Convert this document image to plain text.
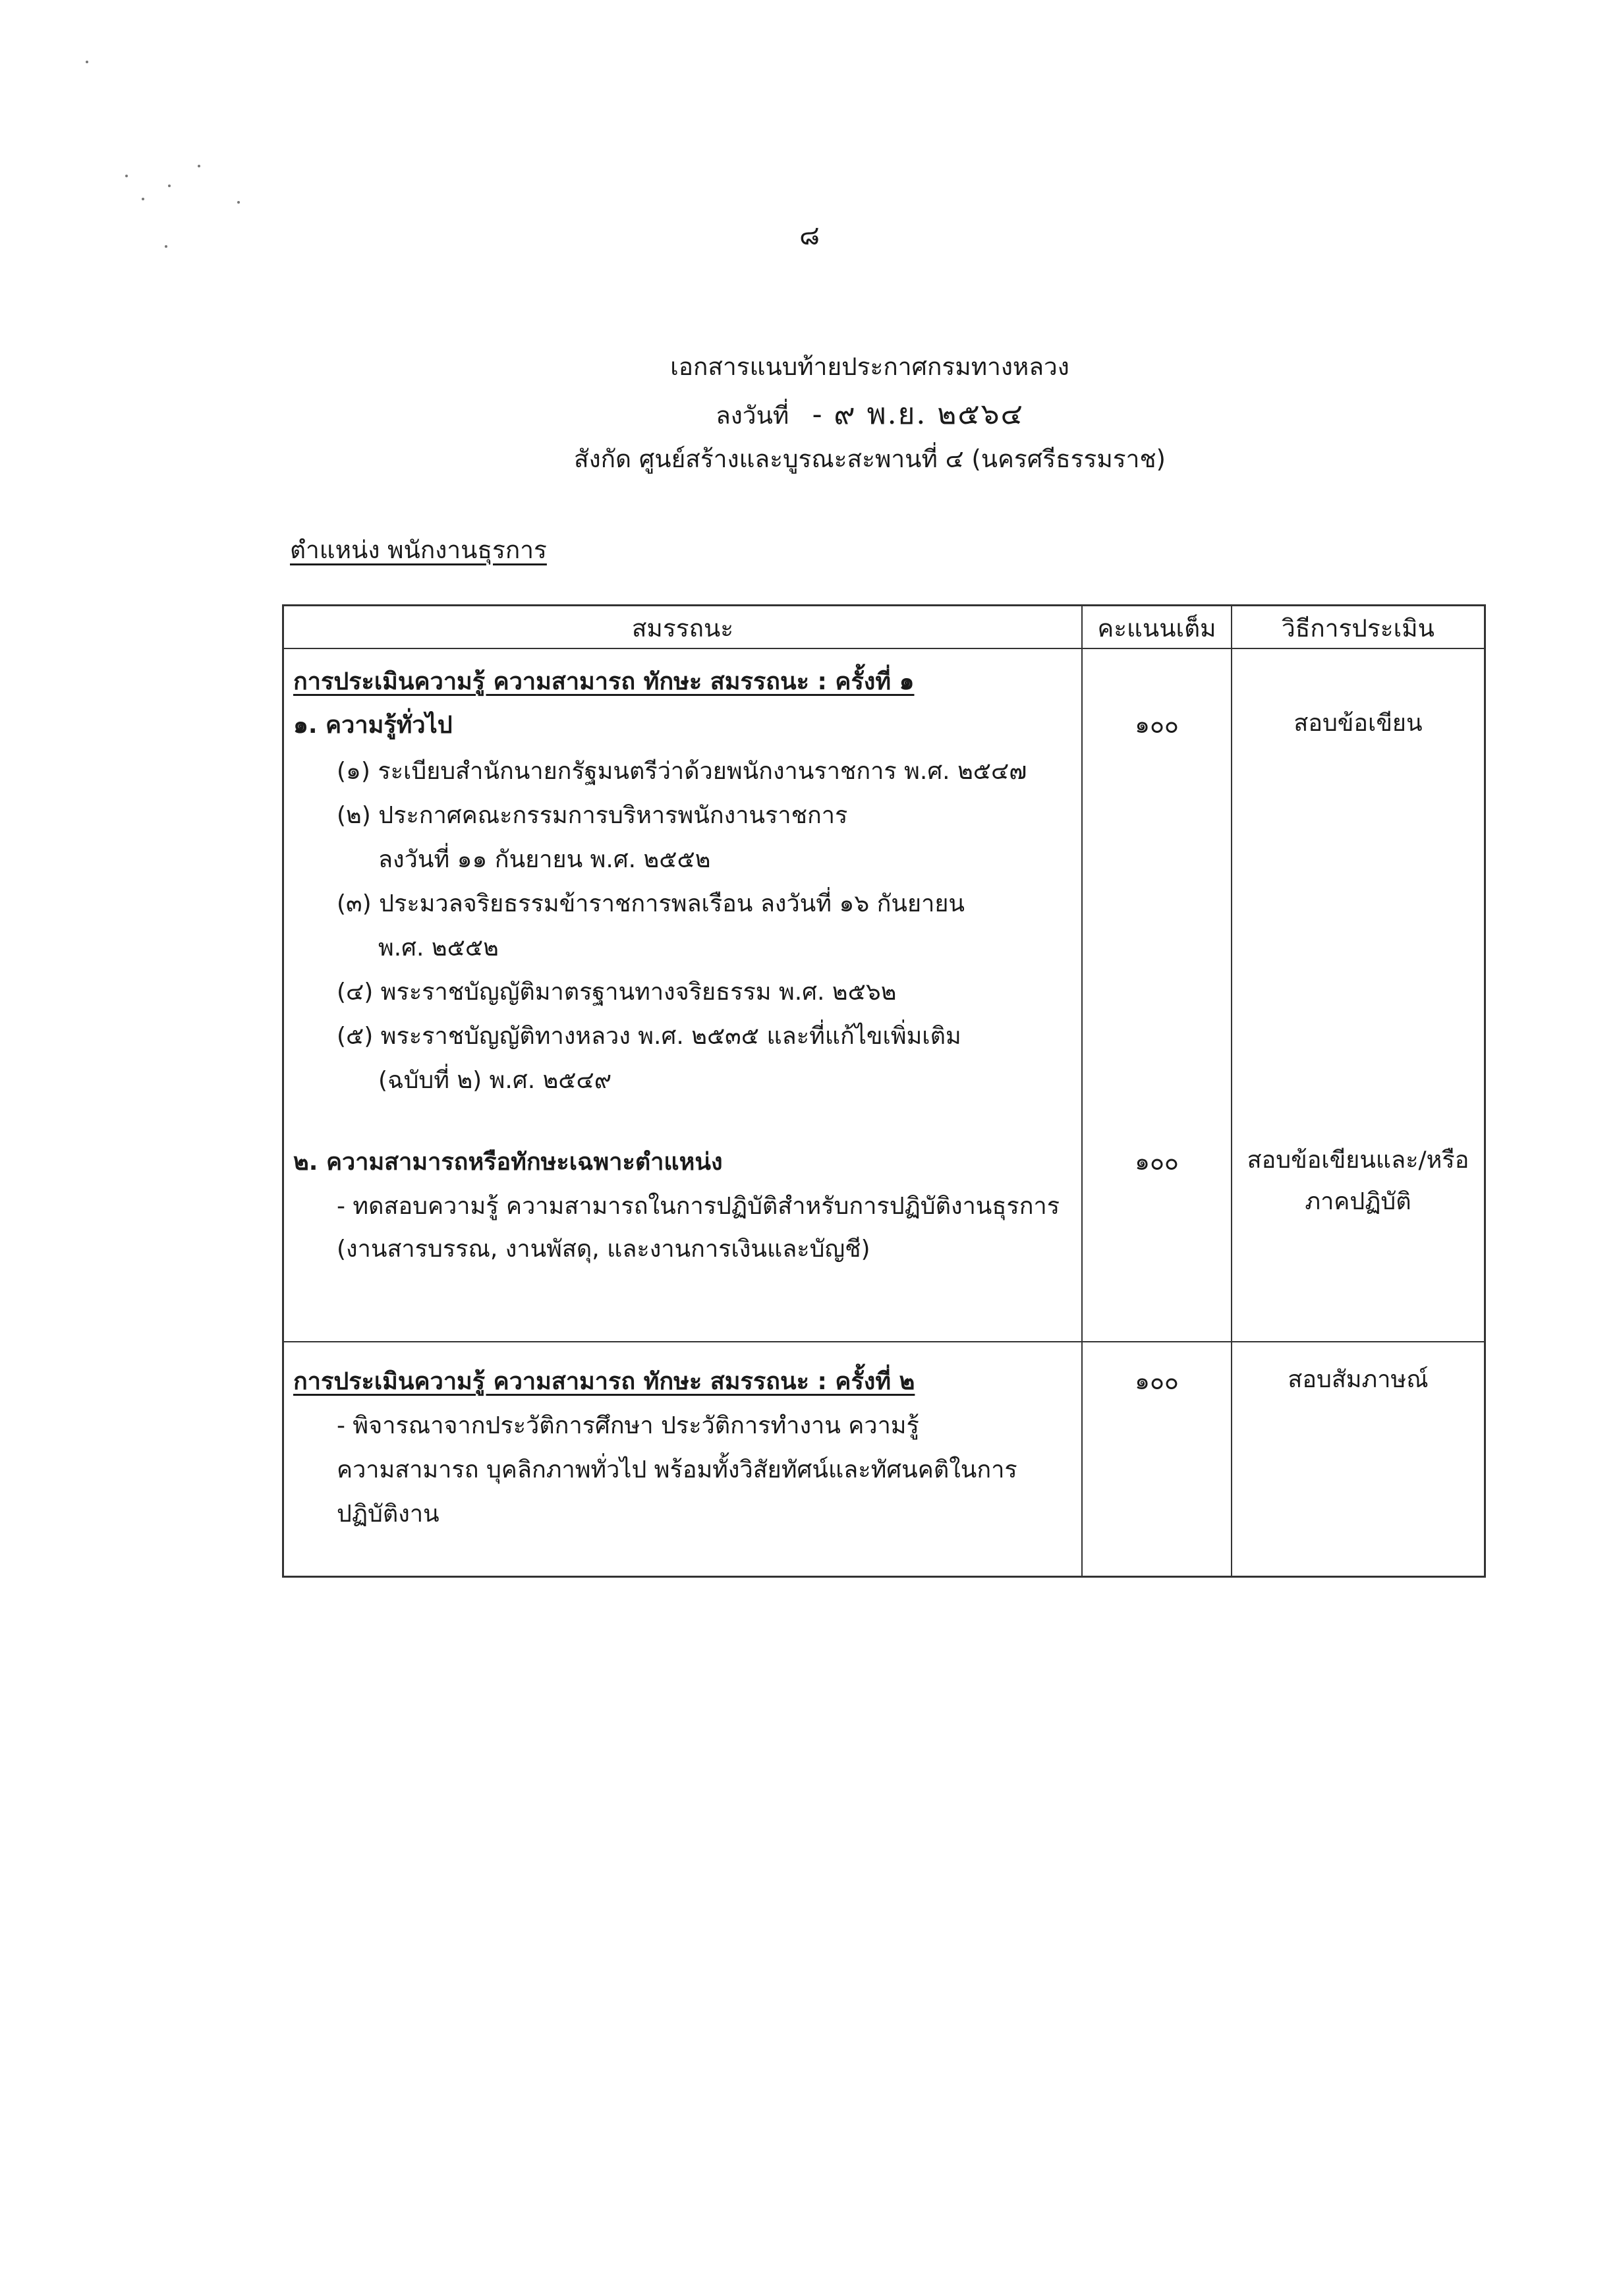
๘
เอกสารแนบท้ายประกาศกรมทางหลวง
ลงวันที่ - ๙ พ.ย. ๒๕๖๔
สังกัด ศูนย์สร้างและบูรณะสะพานที่ ๔ (นครศรีธรรมราช)
ตำแหน่ง พนักงานธุรการ
สมรรถนะ	คะแนนเต็ม	วิธีการประเมิน
การประเมินความรู้ ความสามารถ ทักษะ สมรรถนะ : ครั้งที่ ๑
๑. ความรู้ทั่วไป	๑๐๐	สอบข้อเขียน
(๑) ระเบียบสำนักนายกรัฐมนตรีว่าด้วยพนักงานราชการ พ.ศ. ๒๕๔๗
(๒) ประกาศคณะกรรมการบริหารพนักงานราชการ
ลงวันที่ ๑๑ กันยายน พ.ศ. ๒๕๕๒
(๓) ประมวลจริยธรรมข้าราชการพลเรือน ลงวันที่ ๑๖ กันยายน
พ.ศ. ๒๕๕๒
(๔) พระราชบัญญัติมาตรฐานทางจริยธรรม พ.ศ. ๒๕๖๒
(๕) พระราชบัญญัติทางหลวง พ.ศ. ๒๕๓๕ และที่แก้ไขเพิ่มเติม
(ฉบับที่ ๒) พ.ศ. ๒๕๔๙
๒. ความสามารถหรือทักษะเฉพาะตำแหน่ง	๑๐๐	สอบข้อเขียนและ/หรือ
ภาคปฏิบัติ
- ทดสอบความรู้ ความสามารถในการปฏิบัติสำหรับการปฏิบัติงานธุรการ
(งานสารบรรณ, งานพัสดุ, และงานการเงินและบัญชี)
การประเมินความรู้ ความสามารถ ทักษะ สมรรถนะ : ครั้งที่ ๒	๑๐๐	สอบสัมภาษณ์
- พิจารณาจากประวัติการศึกษา ประวัติการทำงาน ความรู้
ความสามารถ บุคลิกภาพทั่วไป พร้อมทั้งวิสัยทัศน์และทัศนคติในการ
ปฏิบัติงาน
